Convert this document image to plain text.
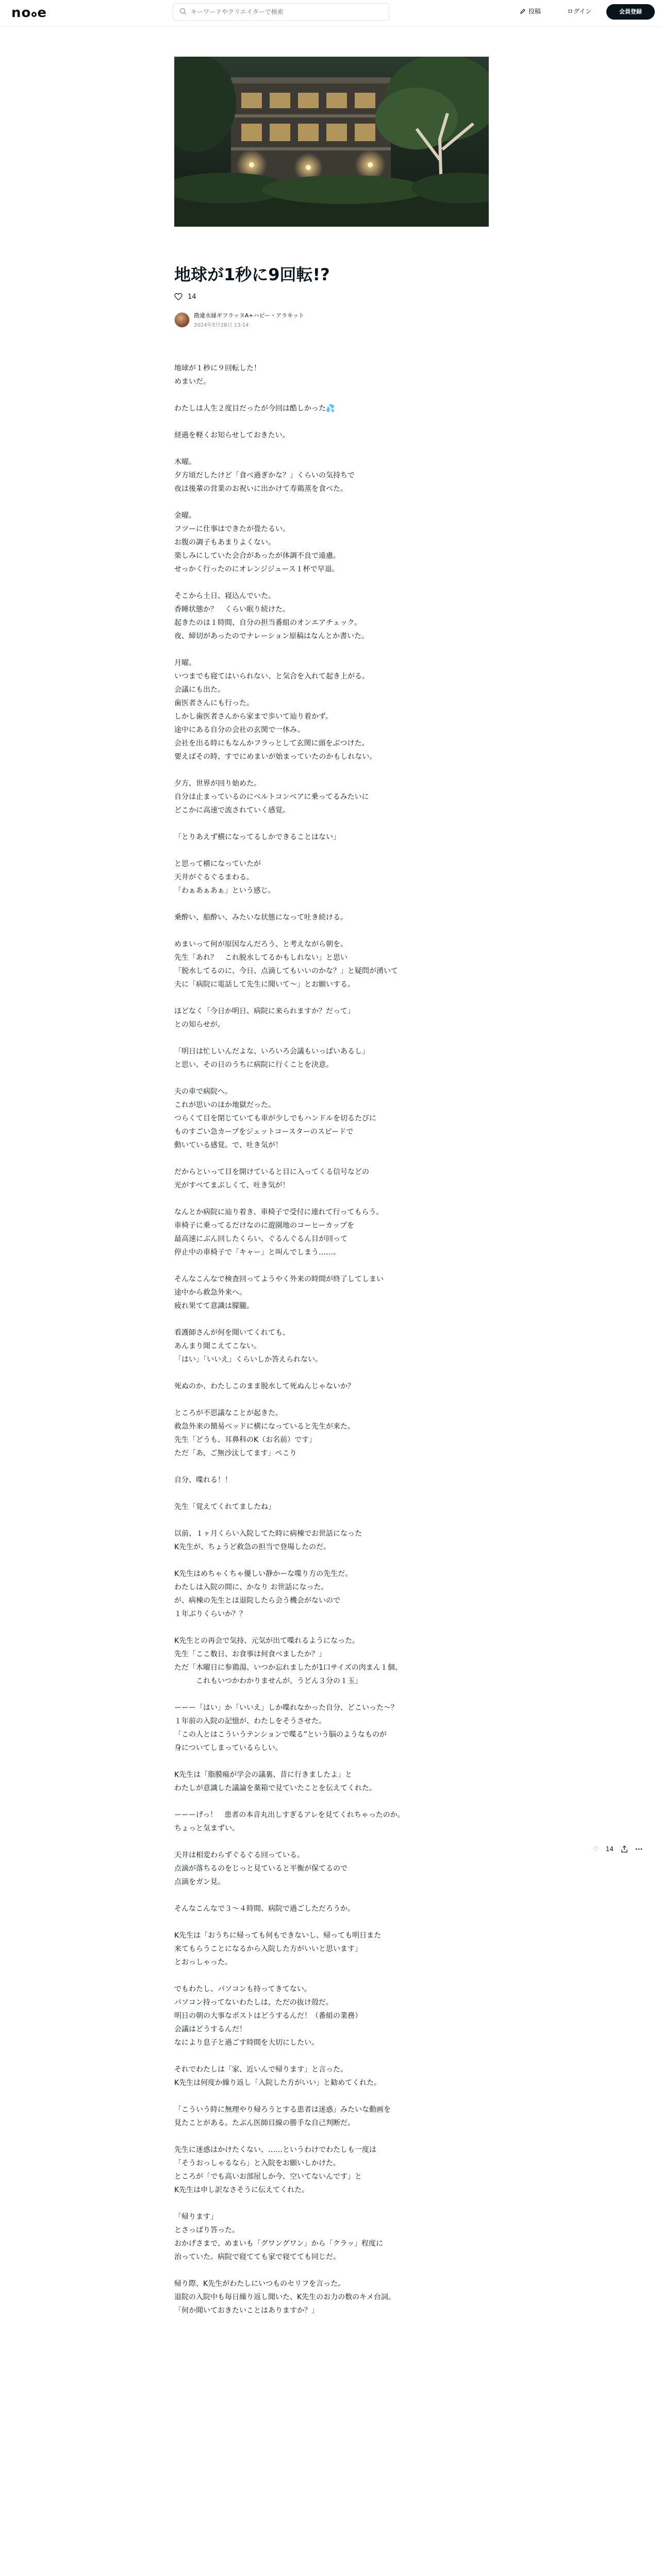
no e
キーワードやクリエイターで検索	投稿	ログイン	会員登録
地球が1秒に9回転!?
14
勘違水縁ギフラッヌA+ハピー・アラキット
2024年5月28日 13:14

地球が１秒に９回転した！
めまいだ。

わたしは人生２度目だったが今回は酷しかった💦

経過を軽くお知らせしておきたい。

木曜。
夕方頃だしたけど「食べ過ぎかな？」くらいの気持ちで
夜は後輩の営業のお祝いに出かけて寿鶏蒸を食べた。

金曜。
フツーに仕事はできたが畳たるい。
お腹の調子もあまりよくない。
楽しみにしていた会合があったが体調不良で遠慮。
せっかく行ったのにオレンジジュース１杯で早退。

そこから土日、寝込んでいた。
香睡状態か？　くらい眠り続けた。
起きたのは１時間、自分の担当番組のオンエアチェック。
夜、締切があったのでナレーション原稿はなんとか書いた。

月曜。
いつまでも寝てはいられない、と気合を入れて起き上がる。
会議にも出た。
歯医者さんにも行った。
しかし歯医者さんから家まで歩いて辿り着かず。
途中にある自分の会社の玄関で一休み。
会社を出る時にもなんかフラっとして玄関に頭をぶつけた。
要えばその時、すでにめまいが始まっていたのかもしれない。

夕方、世界が回り始めた。
自分は止まっているのにベルトコンベアに乗ってるみたいに
どこかに高速で流されていく感覚。

「とりあえず横になってるしかできることはない」

と思って横になっていたが
天井がぐるぐるまわる。
「わぁあぁあぁ」という感じ。

乗酔い、船酔い、みたいな状態になって吐き続ける。

めまいって何が原因なんだろう、と考えながら朝を。
先生「あれ？　これ脱水してるかもしれない」と思い
「脱水してるのに、今日、点滴してもいいのかな？」と疑問が湧いて
夫に「病院に電話して先生に聞いて〜」とお願いする。

ほどなく「今日か明日、病院に来られますか？だって」
との知らせが。

「明日は忙しいんだよな、いろいろ会議もいっぱいあるし」
と思い、その日のうちに病院に行くことを決意。

夫の車で病院へ。
これが思いのほか地獄だった。
つらくて目を閉じていても車が少しでもハンドルを切るたびに
ものすごい急カーブをジェットコースターのスピードで
動いている感覚。で、吐き気が！

だからといって目を開けていると目に入ってくる信号などの
光がすべてまぶしくて、吐き気が！

なんとか病院に辿り着き、車椅子で受付に連れて行ってもらう。
車椅子に乗ってるだけなのに遊園地のコーヒーカップを
最高速にぶん回したくらい、ぐるんぐるん目が回って
停止中の車椅子で「キャー」と叫んでしまう……。

そんなこんなで検査回ってようやく外来の時間が終了してしまい
途中から救急外来へ。
疲れ果てて意識は朦朧。

看護師さんが何を聞いてくれても、
あんまり聞こえてこない。
「はい」「いいえ」くらいしか答えられない。

死ぬのか、わたしこのまま脱水して死ぬんじゃないか？

ところが不思議なことが起きた。
救急外来の簡易ベッドに横になっていると先生が来た。
先生「どうも、耳鼻科のK（お名前）です」
ただ「あ、ご無沙汰してます」ぺこり

自分、喋れる！！

先生「覚えてくれてましたね」

以前、１ヶ月くらい入院してた時に病棟でお世話になった
K先生が、ちょうど救急の担当で登場したのだ。

K先生はめちゃくちゃ優しい静かーな喋り方の先生だ。
わたしは入院の間に、かなり お世話になった。
が、病棟の先生とは退院したら会う機会がないので
１年ぶりくらいか？？

K先生との再会で気持、元気が出て喋れるようになった。
先生「ここ数日、お食事は何食べましたか？」
ただ「木曜日に参鶏湯、いつか忘れましたが1口サイズの肉まん１個、
　　　これもいつかわかりませんが、うどん３分の１玉」

ーーー「はい」か「いいえ」しか喋れなかった自分、どこいった〜？
１年前の入院の記憶が、わたしをそうさせた。
「この人とはこういうテンションで喋る”という脳のようなものが
身についてしまっているらしい。

K先生は「脂膜瘍が学会の議裏、昔に行きましたよ」と
わたしが意識した議論を薬箱で見ていたことを伝えてくれた。

ーーーげっ！　患者の本音丸出しすぎるアレを見てくれちゃったのか。
ちょっと気まずい。

天井は相変わらずぐるぐる回っている。
点滴が落ちるのをじっと見ていると平衡が保てるので
点滴をガン見。

そんなこんなで３〜４時間、病院で過ごしただろうか。

K先生は「おうちに帰っても何もできないし、帰っても明日また
来てもらうことになるから入院した方がいいと思います」
とおっしゃった。

でもわたし、パソコンも持ってきてない。
パソコン持ってないわたしは、ただの抜け殻だ。
明日の朝の大事なポストはどうするんだ！（番組の業務）
会議はどうするんだ！
なにより息子と過ごす時間を大切にしたい。

それでわたしは「家、近いんで帰ります」と言った。
K先生は何度か繰り返し「入院した方がいい」と勧めてくれた。

「こういう時に無理やり帰ろうとする患者は迷惑」みたいな動画を
見たことがある。たぶん医師目線の勝手な自己判断だ。

先生に迷惑はかけたくない、……というわけでわたしも一度は
「そうおっしゃるなら」と入院をお願いしかけた。
ところが「でも高いお部屋しか今、空いてないんです」と
K先生は申し訳なさそうに伝えてくれた。

「帰ります」
とさっぱり答った。
おかげさまで、めまいも「グワングワン」から「クラッ」程度に
治っていた。病院で寝てても家で寝てても同じだ。

帰り際、K先生がわたしにいつものセリフを言った。
退院の入院中も毎日繰り返し聞いた、K先生のお力の数のキメ台詞。
「何か聞いておきたいことはありますか？」

♡ 14
